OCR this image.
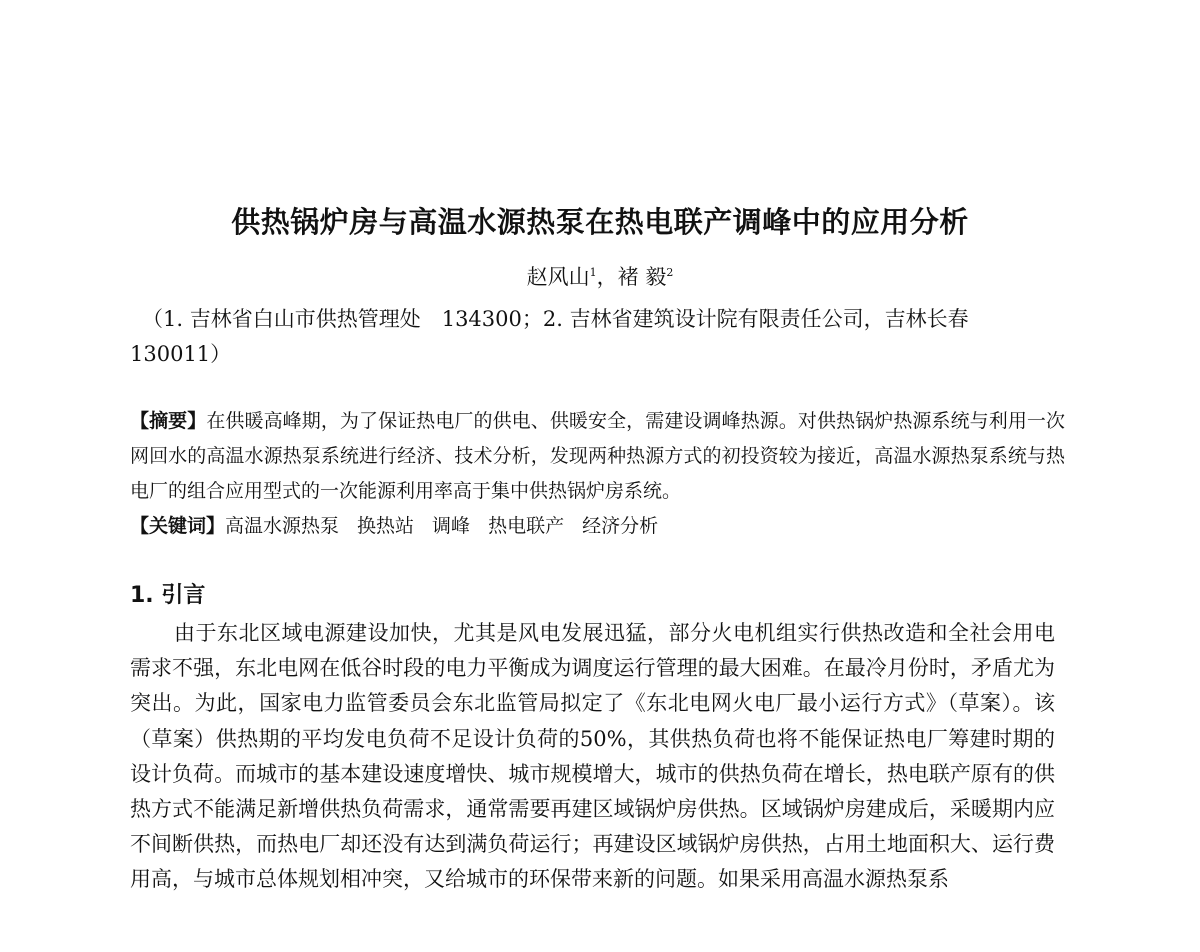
供热锅炉房与高温水源热泵在热电联产调峰中的应用分析
赵风山$^1$，褚 毅$^2$
（1. 吉林省白山市供热管理处　134300；2. 吉林省建筑设计院有限责任公司，吉林长春　130011）

【摘要】在供暖高峰期，为了保证热电厂的供电、供暖安全，需建设调峰热源。对供热锅炉热源系统与利用一次网回水的高温水源热泵系统进行经济、技术分析，发现两种热源方式的初投资较为接近，高温水源热泵系统与热电厂的组合应用型式的一次能源利用率高于集中供热锅炉房系统。

【关键词】高温水源热泵 换热站 调峰 热电联产 经济分析

1. 引言

由于东北区域电源建设加快，尤其是风电发展迅猛，部分火电机组实行供热改造和全社会用电需求不强，东北电网在低谷时段的电力平衡成为调度运行管理的最大困难。在最冷月份时，矛盾尤为突出。为此，国家电力监管委员会东北监管局拟定了《东北电网火电厂最小运行方式》（草案）。该（草案）供热期的平均发电负荷不足设计负荷的50%，其供热负荷也将不能保证热电厂筹建时期的设计负荷。而城市的基本建设速度增快、城市规模增大，城市的供热负荷在增长，热电联产原有的供热方式不能满足新增供热负荷需求，通常需要再建区域锅炉房供热。区域锅炉房建成后，采暖期内应不间断供热，而热电厂却还没有达到满负荷运行；再建设区域锅炉房供热，占用土地面积大、运行费用高，与城市总体规划相冲突，又给城市的环保带来新的问题。如果采用高温水源热泵系
